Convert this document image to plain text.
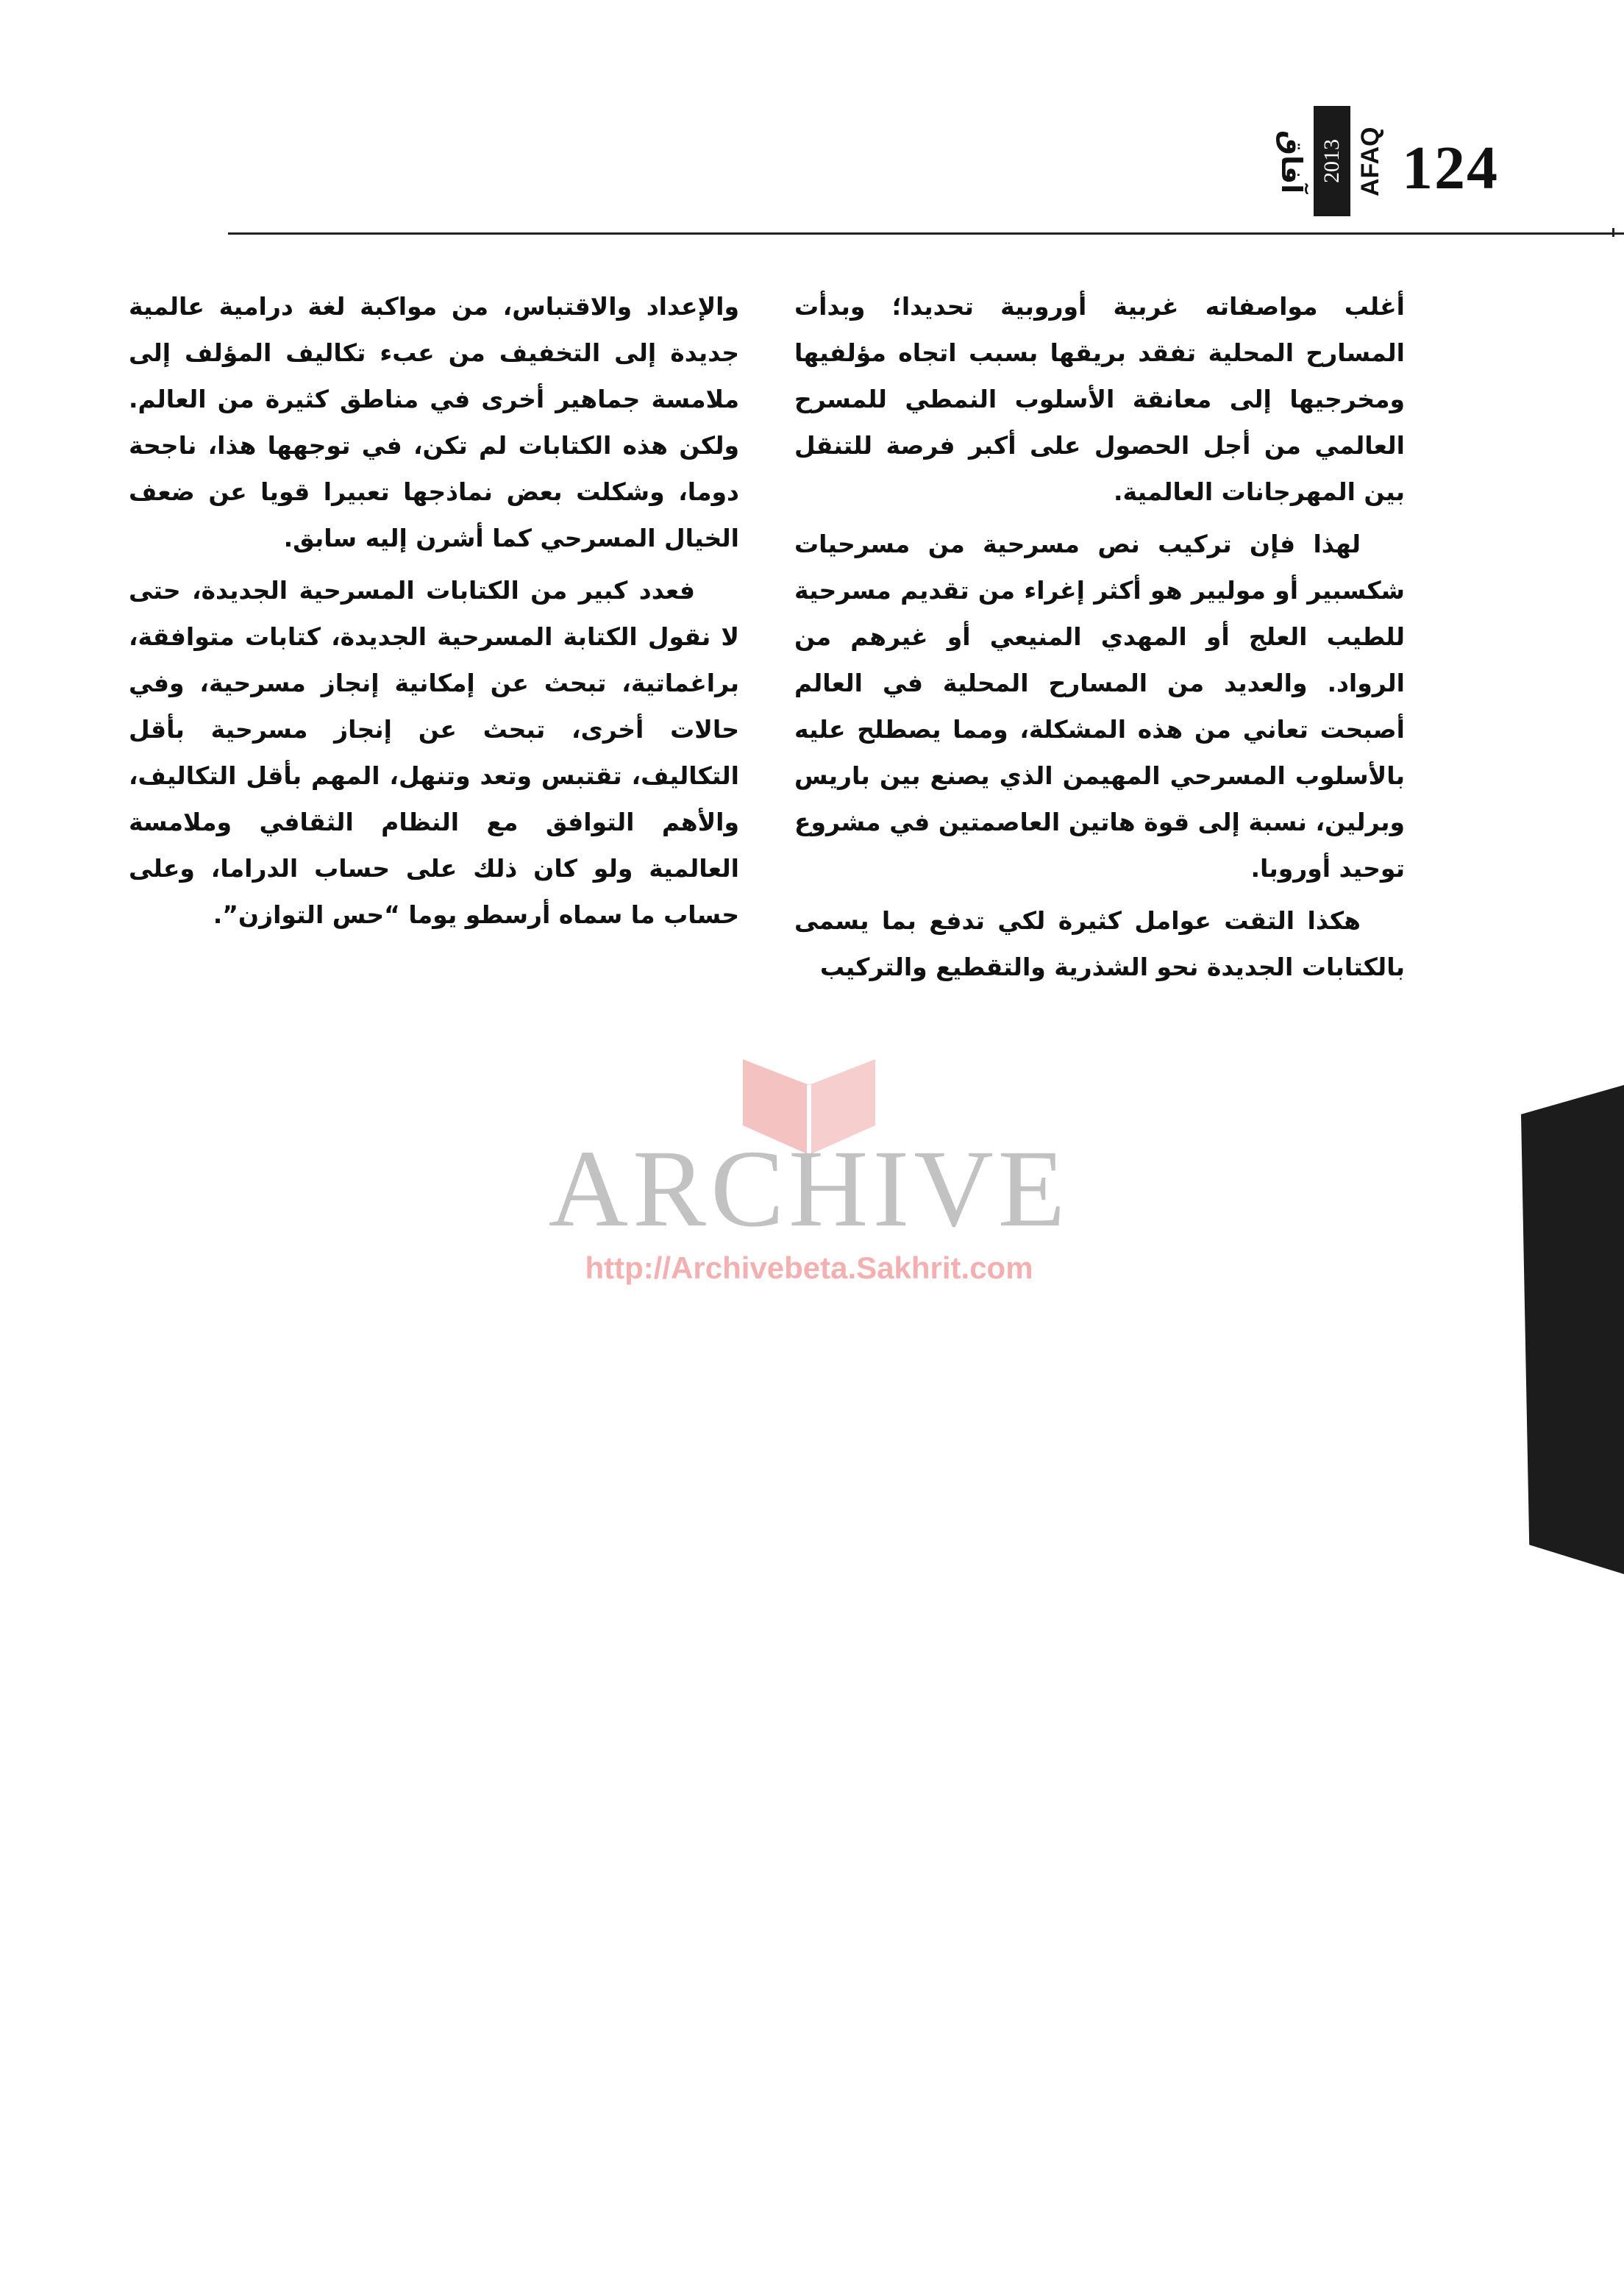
124
AFAQ
2013
آفاق

أغلب مواصفاته غربية أوروبية تحديدا؛ وبدأت المسارح المحلية تفقد بريقها بسبب اتجاه مؤلفيها ومخرجيها إلى معانقة الأسلوب النمطي للمسرح العالمي من أجل الحصول على أكبر فرصة للتنقل بين المهرجانات العالمية.

لهذا فإن تركيب نص مسرحية من مسرحيات شكسبير أو موليير هو أكثر إغراء من تقديم مسرحية للطيب العلج أو المهدي المنيعي أو غيرهم من الرواد. والعديد من المسارح المحلية في العالم أصبحت تعاني من هذه المشكلة، ومما يصطلح عليه بالأسلوب المسرحي المهيمن الذي يصنع بين باريس وبرلين، نسبة إلى قوة هاتين العاصمتين في مشروع توحيد أوروبا.

هكذا التقت عوامل كثيرة لكي تدفع بما يسمى بالكتابات الجديدة نحو الشذرية والتقطيع والتركيب

والإعداد والاقتباس، من مواكبة لغة درامية عالمية جديدة إلى التخفيف من عبء تكاليف المؤلف إلى ملامسة جماهير أخرى في مناطق كثيرة من العالم. ولكن هذه الكتابات لم تكن، في توجهها هذا، ناجحة دوما، وشكلت بعض نماذجها تعبيرا قويا عن ضعف الخيال المسرحي كما أشرن إليه سابق.

فعدد كبير من الكتابات المسرحية الجديدة، حتى لا نقول الكتابة المسرحية الجديدة، كتابات متوافقة، براغماتية، تبحث عن إمكانية إنجاز مسرحية، وفي حالات أخرى، تبحث عن إنجاز مسرحية بأقل التكاليف، تقتبس وتعد وتنهل، المهم بأقل التكاليف، والأهم التوافق مع النظام الثقافي وملامسة العالمية ولو كان ذلك على حساب الدراما، وعلى حساب ما سماه أرسطو يوما “حس التوازن”.

ARCHIVE
http://Archivebeta.Sakhrit.com
